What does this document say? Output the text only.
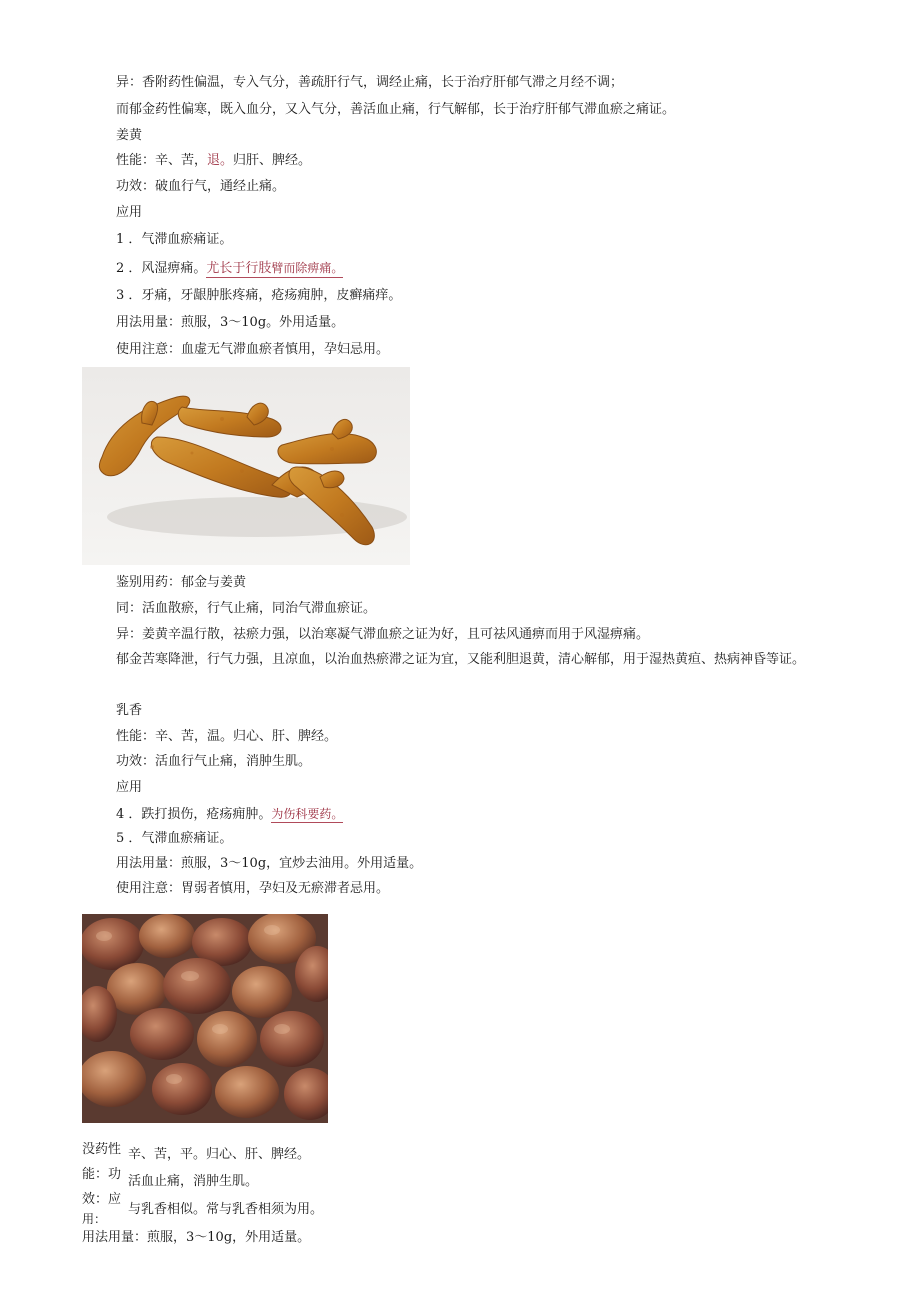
异：香附药性偏温，专入气分，善疏肝行气，调经止痛，长于治疗肝郁气滞之月经不调；
而郁金药性偏寒，既入血分，又入气分，善活血止痛，行气解郁，长于治疗肝郁气滞血瘀之痛证。
姜黄
性能：辛、苦，退。归肝、脾经。
功效：破血行气，通经止痛。
应用
1 ．气滞血瘀痛证。
2 ．风湿痹痛。尤长于行肢臂而除痹痛。
3 ．牙痛，牙龈肿胀疼痛，疮疡痈肿，皮癣痛痒。
用法用量：煎服，3～10g。外用适量。
使用注意：血虚无气滞血瘀者慎用，孕妇忌用。
鉴别用药：郁金与姜黄
同：活血散瘀，行气止痛，同治气滞血瘀证。
异：姜黄辛温行散，祛瘀力强，以治寒凝气滞血瘀之证为好，且可祛风通痹而用于风湿痹痛。
郁金苦寒降泄，行气力强，且凉血，以治血热瘀滞之证为宜，又能利胆退黄，清心解郁，用于湿热黄疸、热病神昏等证。
乳香
性能：辛、苦，温。归心、肝、脾经。
功效：活血行气止痛，消肿生肌。
应用
4 ．跌打损伤，疮疡痈肿。为伤科要药。
5 ．气滞血瘀痛证。
用法用量：煎服，3～10g，宜炒去油用。外用适量。
使用注意：胃弱者慎用，孕妇及无瘀滞者忌用。
没药性
能：功
效：应
用：
辛、苦，平。归心、肝、脾经。
活血止痛，消肿生肌。
与乳香相似。常与乳香相须为用。
用法用量：煎服，3～10g，外用适量。
